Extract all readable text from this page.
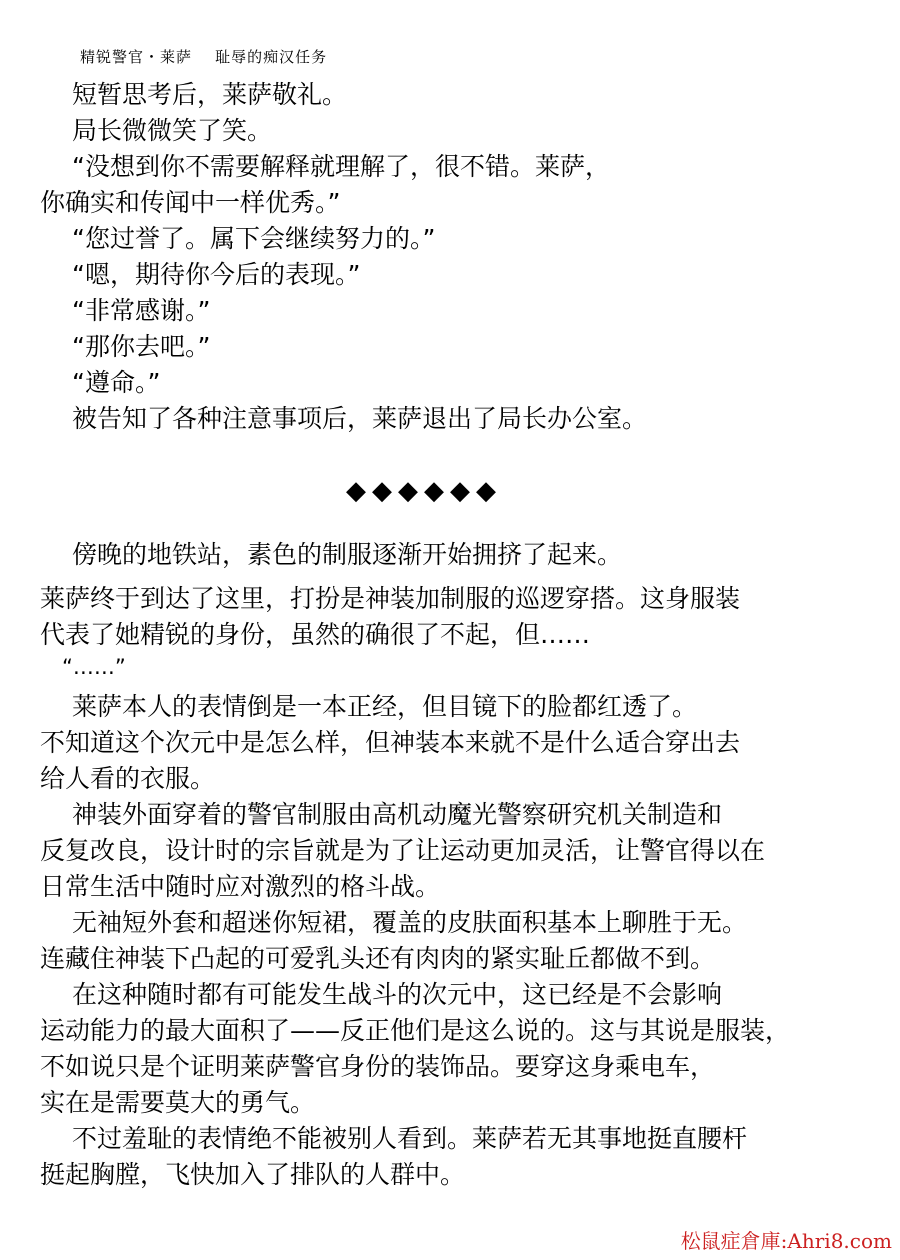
精锐警官・莱萨    耻辱的痴汉任务
短暂思考后，莱萨敬礼。
局长微微笑了笑。
“没想到你不需要解释就理解了，很不错。莱萨，
你确实和传闻中一样优秀。”
“您过誉了。属下会继续努力的。”
“嗯，期待你今后的表现。”
“非常感谢。”
“那你去吧。”
“遵命。”
被告知了各种注意事项后，莱萨退出了局长办公室。
◆◆◆◆◆◆
傍晚的地铁站，素色的制服逐渐开始拥挤了起来。
莱萨终于到达了这里，打扮是神装加制服的巡逻穿搭。这身服装
代表了她精锐的身份，虽然的确很了不起，但……
“……”
莱萨本人的表情倒是一本正经，但目镜下的脸都红透了。
不知道这个次元中是怎么样，但神装本来就不是什么适合穿出去
给人看的衣服。
神装外面穿着的警官制服由高机动魔光警察研究机关制造和
反复改良，设计时的宗旨就是为了让运动更加灵活，让警官得以在
日常生活中随时应对激烈的格斗战。
无袖短外套和超迷你短裙，覆盖的皮肤面积基本上聊胜于无。
连藏住神装下凸起的可爱乳头还有肉肉的紧实耻丘都做不到。
在这种随时都有可能发生战斗的次元中，这已经是不会影响
运动能力的最大面积了——反正他们是这么说的。这与其说是服装，
不如说只是个证明莱萨警官身份的装饰品。要穿这身乘电车，
实在是需要莫大的勇气。
不过羞耻的表情绝不能被别人看到。莱萨若无其事地挺直腰杆
挺起胸膛，飞快加入了排队的人群中。
松鼠症倉庫:Ahri8.com
